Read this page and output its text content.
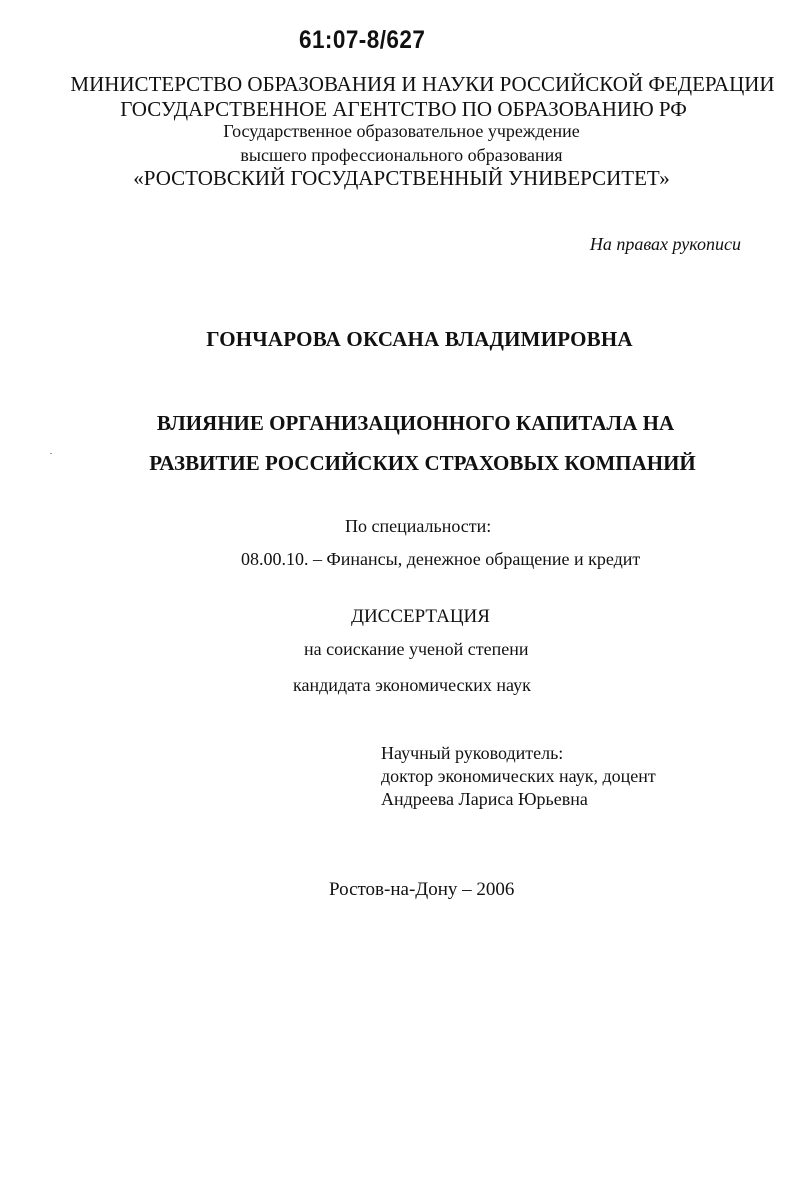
61:07-8/627
МИНИСТЕРСТВО ОБРАЗОВАНИЯ И НАУКИ РОССИЙСКОЙ ФЕДЕРАЦИИ
ГОСУДАРСТВЕННОЕ АГЕНТСТВО ПО ОБРАЗОВАНИЮ РФ
Государственное образовательное учреждение
высшего профессионального образования
«РОСТОВСКИЙ ГОСУДАРСТВЕННЫЙ УНИВЕРСИТЕТ»
На правах рукописи
ГОНЧАРОВА ОКСАНА ВЛАДИМИРОВНА
ВЛИЯНИЕ ОРГАНИЗАЦИОННОГО КАПИТАЛА НА
РАЗВИТИЕ РОССИЙСКИХ СТРАХОВЫХ КОМПАНИЙ
По специальности:
08.00.10. – Финансы, денежное обращение и кредит
ДИССЕРТАЦИЯ
на соискание ученой степени
кандидата экономических наук
Научный руководитель:
доктор экономических наук, доцент
Андреева Лариса Юрьевна
Ростов-на-Дону – 2006
